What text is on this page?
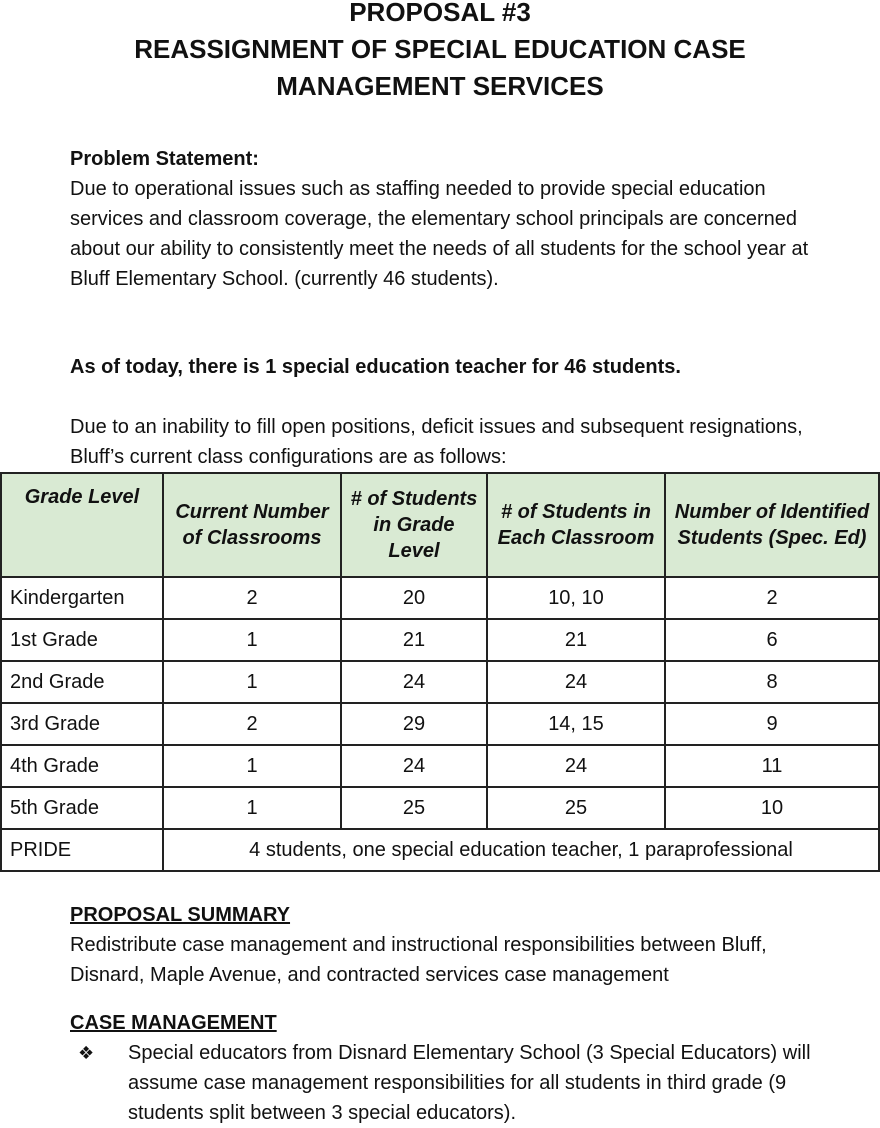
PROPOSAL #3
REASSIGNMENT OF SPECIAL EDUCATION CASE
MANAGEMENT SERVICES

Problem Statement:

Due to operational issues such as staffing needed to provide special education services and classroom coverage, the elementary school principals are concerned about our ability to consistently meet the needs of all students for the school year at Bluff Elementary School. (currently 46 students).

As of today, there is 1 special education teacher for 46 students.
Due to an inability to fill open positions, deficit issues and subsequent resignations, Bluff’s current class configurations are as follows:
Grade Level	Current Number of Classrooms	# of Students in Grade Level	# of Students in Each Classroom	Number of Identified Students (Spec. Ed)
Kindergarten	2	20	10, 10	2
1st Grade	1	21	21	6
2nd Grade	1	24	24	8
3rd Grade	2	29	14, 15	9
4th Grade	1	24	24	11
5th Grade	1	25	25	10
PRIDE	4 students, one special education teacher, 1 paraprofessional			

PROPOSAL SUMMARY

Redistribute case management and instructional responsibilities between Bluff, Disnard, Maple Avenue, and contracted services case management

CASE MANAGEMENT

❖ Special educators from Disnard Elementary School (3 Special Educators) will assume case management responsibilities for all students in third grade (9 students split between 3 special educators).
